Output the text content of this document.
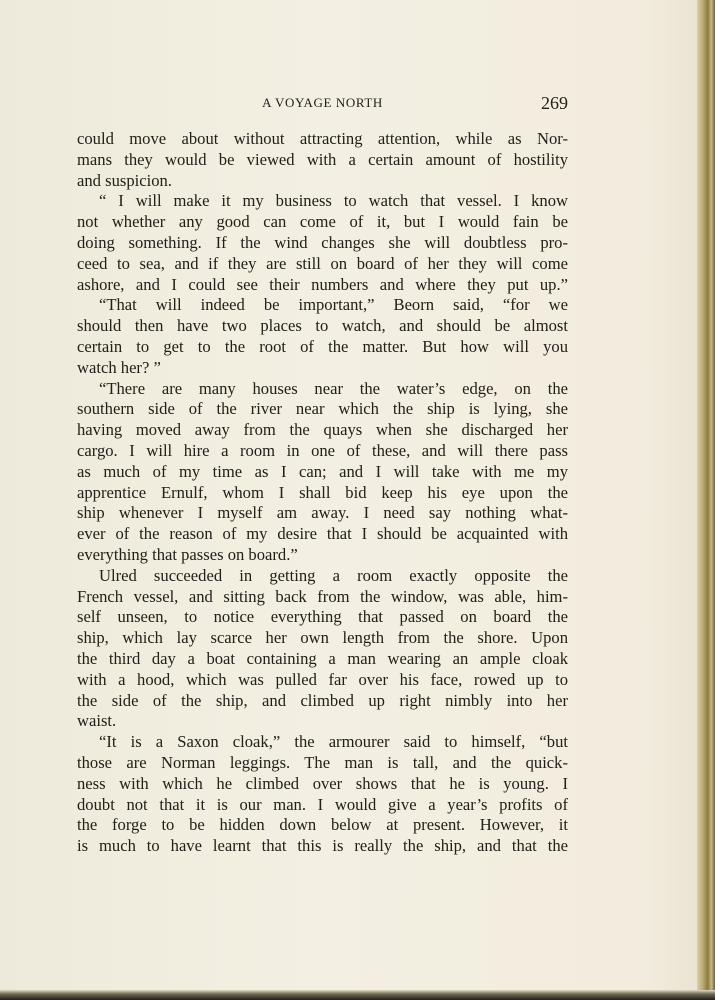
A VOYAGE NORTH	269
could move about without attracting attention, while as Nor-
mans they would be viewed with a certain amount of hostility
and suspicion.
“ I will make it my business to watch that vessel. I know
not whether any good can come of it, but I would fain be
doing something. If the wind changes she will doubtless pro-
ceed to sea, and if they are still on board of her they will come
ashore, and I could see their numbers and where they put up.”
“That will indeed be important,” Beorn said, “for we
should then have two places to watch, and should be almost
certain to get to the root of the matter. But how will you
watch her? ”
“There are many houses near the water’s edge, on the
southern side of the river near which the ship is lying, she
having moved away from the quays when she discharged her
cargo. I will hire a room in one of these, and will there pass
as much of my time as I can; and I will take with me my
apprentice Ernulf, whom I shall bid keep his eye upon the
ship whenever I myself am away. I need say nothing what-
ever of the reason of my desire that I should be acquainted with
everything that passes on board.”
Ulred succeeded in getting a room exactly opposite the
French vessel, and sitting back from the window, was able, him-
self unseen, to notice everything that passed on board the
ship, which lay scarce her own length from the shore. Upon
the third day a boat containing a man wearing an ample cloak
with a hood, which was pulled far over his face, rowed up to
the side of the ship, and climbed up right nimbly into her
waist.
“It is a Saxon cloak,” the armourer said to himself, “but
those are Norman leggings. The man is tall, and the quick-
ness with which he climbed over shows that he is young. I
doubt not that it is our man. I would give a year’s profits of
the forge to be hidden down below at present. However, it
is much to have learnt that this is really the ship, and that the
